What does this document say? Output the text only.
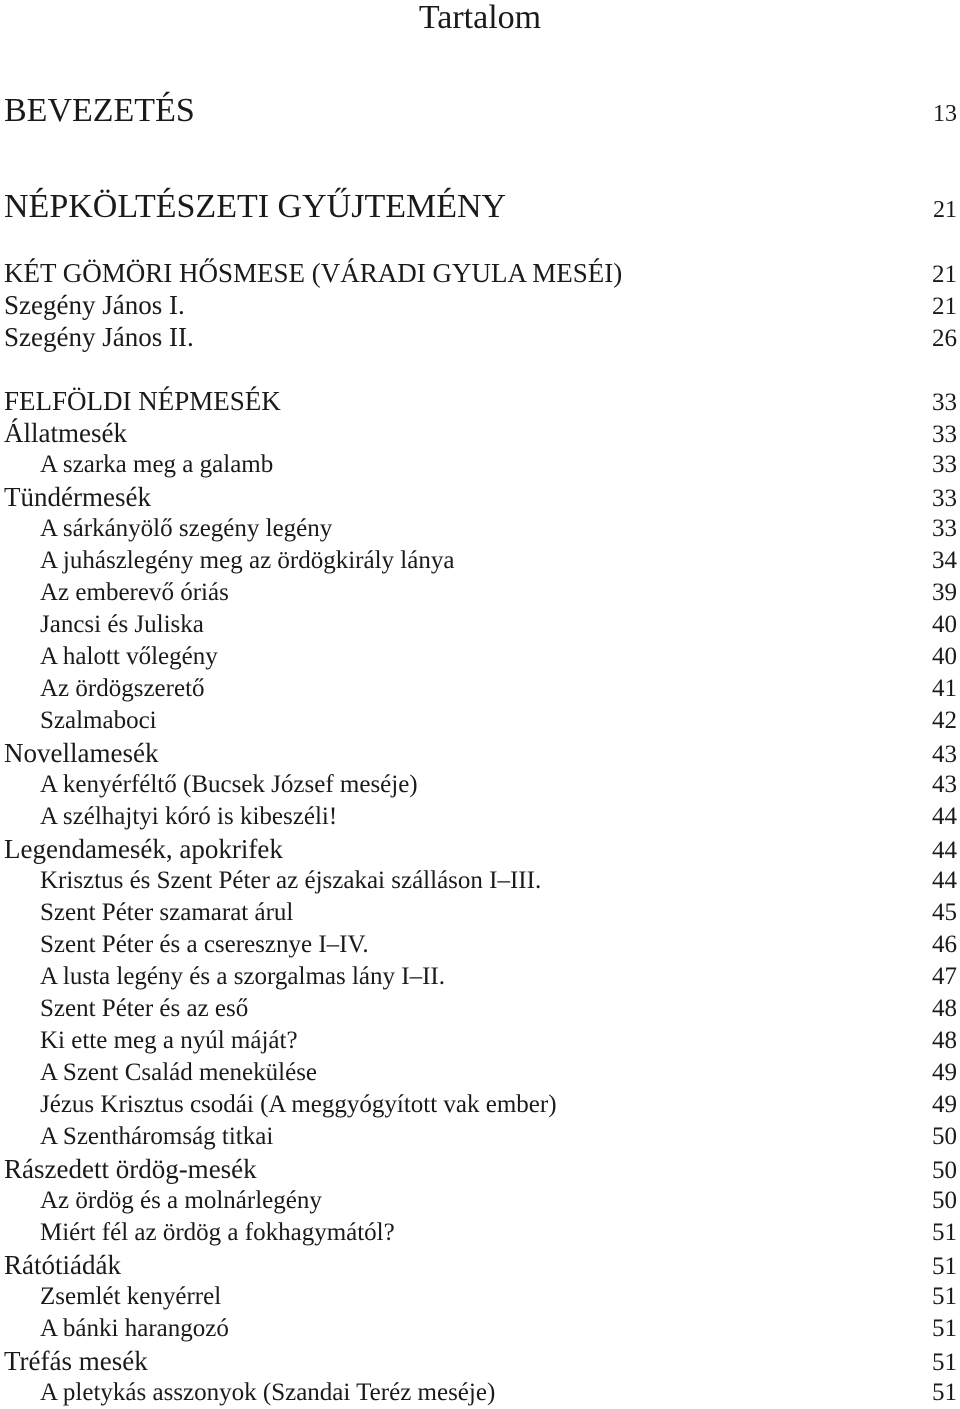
Tartalom
BEVEZETÉS	13
NÉPKÖLTÉSZETI GYŰJTEMÉNY	21
KÉT GÖMÖRI HŐSMESE (VÁRADI GYULA MESÉI)	21
Szegény János I.	21
Szegény János II.	26
FELFÖLDI NÉPMESÉK	33
Állatmesék	33
A szarka meg a galamb	33
Tündérmesék	33
A sárkányölő szegény legény	33
A juhászlegény meg az ördögkirály lánya	34
Az emberevő óriás	39
Jancsi és Juliska	40
A halott vőlegény	40
Az ördögszerető	41
Szalmaboci	42
Novellamesék	43
A kenyérféltő (Bucsek József meséje)	43
A szélhajtyi kóró is kibeszéli!	44
Legendamesék, apokrifek	44
Krisztus és Szent Péter az éjszakai szálláson I–III.	44
Szent Péter szamarat árul	45
Szent Péter és a cseresznye I–IV.	46
A lusta legény és a szorgalmas lány I–II.	47
Szent Péter és az eső	48
Ki ette meg a nyúl máját?	48
A Szent Család menekülése	49
Jézus Krisztus csodái (A meggyógyított vak ember)	49
A Szentháromság titkai	50
Rászedett ördög-mesék	50
Az ördög és a molnárlegény	50
Miért fél az ördög a fokhagymától?	51
Rátótiádák	51
Zsemlét kenyérrel	51
A bánki harangozó	51
Tréfás mesék	51
A pletykás asszonyok (Szandai Teréz meséje)	51
